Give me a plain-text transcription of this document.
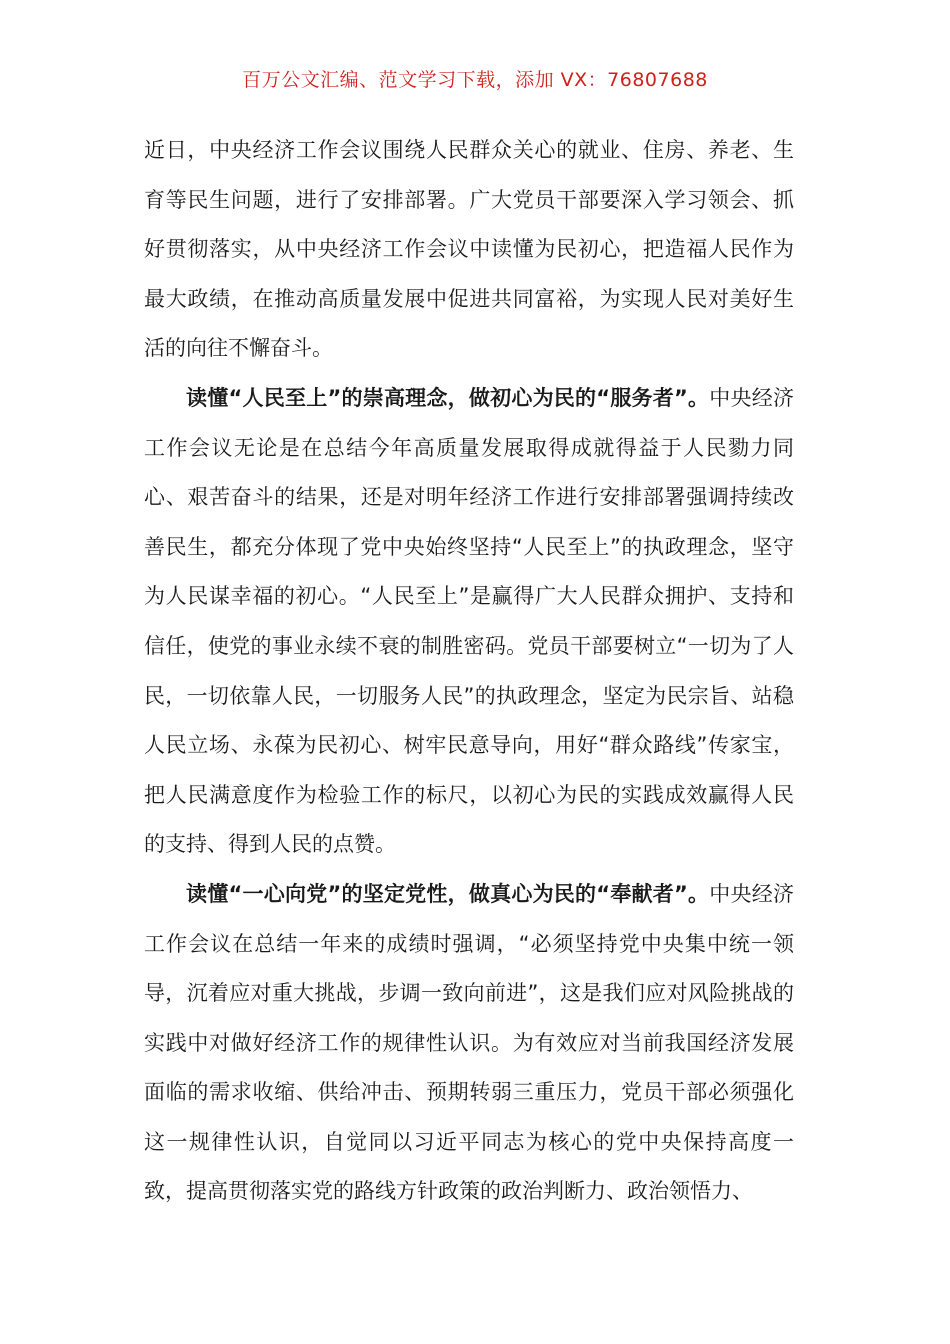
百万公文汇编、范文学习下载，添加 VX：76807688

近日，中央经济工作会议围绕人民群众关心的就业、住房、养老、生育等民生问题，进行了安排部署。广大党员干部要深入学习领会、抓好贯彻落实，从中央经济工作会议中读懂为民初心，把造福人民作为最大政绩，在推动高质量发展中促进共同富裕，为实现人民对美好生活的向往不懈奋斗。

读懂“人民至上”的崇高理念，做初心为民的“服务者”。中央经济工作会议无论是在总结今年高质量发展取得成就得益于人民勠力同心、艰苦奋斗的结果，还是对明年经济工作进行安排部署强调持续改善民生，都充分体现了党中央始终坚持“人民至上”的执政理念，坚守为人民谋幸福的初心。“人民至上”是赢得广大人民群众拥护、支持和信任，使党的事业永续不衰的制胜密码。党员干部要树立“一切为了人民，一切依靠人民，一切服务人民”的执政理念，坚定为民宗旨、站稳人民立场、永葆为民初心、树牢民意导向，用好“群众路线”传家宝，把人民满意度作为检验工作的标尺，以初心为民的实践成效赢得人民的支持、得到人民的点赞。

读懂“一心向党”的坚定党性，做真心为民的“奉献者”。中央经济工作会议在总结一年来的成绩时强调，“必须坚持党中央集中统一领导，沉着应对重大挑战，步调一致向前进”，这是我们应对风险挑战的实践中对做好经济工作的规律性认识。为有效应对当前我国经济发展面临的需求收缩、供给冲击、预期转弱三重压力，党员干部必须强化这一规律性认识，自觉同以习近平同志为核心的党中央保持高度一致，提高贯彻落实党的路线方针政策的政治判断力、政治领悟力、
